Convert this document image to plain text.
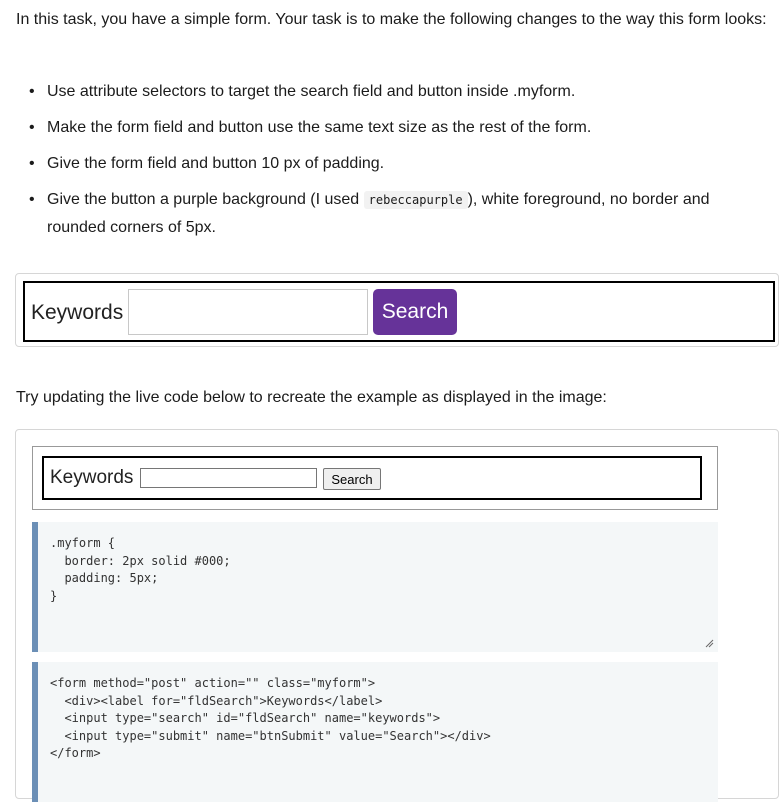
In this task, you have a simple form. Your task is to make the following changes to the way this form looks:

• Use attribute selectors to target the search field and button inside .myform.
• Make the form field and button use the same text size as the rest of the form.
• Give the form field and button 10 px of padding.
• Give the button a purple background (I used rebeccapurple ), white foreground, no border and rounded corners of 5px.
Keywords	Search

Try updating the live code below to recreate the example as displayed in the image:

Keywords	Search
.myform {
border: 2px solid #000;
padding: 5px;
}
<form method="post" action="" class="myform">
<div><label for="fldSearch">Keywords</label>
<input type="search" id="fldSearch" name="keywords">
<input type="submit" name="btnSubmit" value="Search"></div>
</form>
